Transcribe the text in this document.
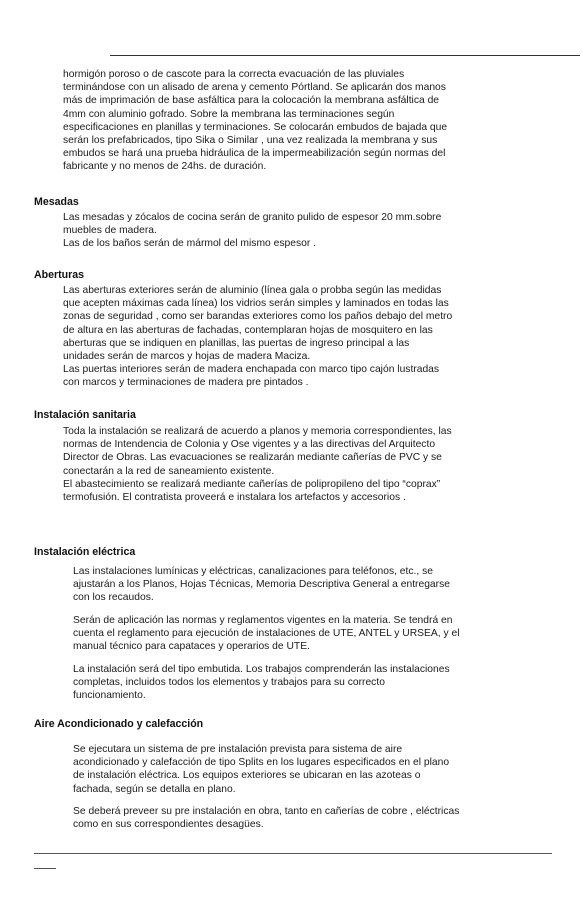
hormigón poroso o de cascote para la correcta evacuación de las pluviales
terminándose con un alisado de arena y cemento Pórtland. Se aplicarán dos manos
más de imprimación de base asfáltica para la colocación la membrana asfáltica de
4mm con aluminio gofrado. Sobre la membrana las terminaciones según
especificaciones en planillas y terminaciones. Se colocarán embudos de bajada que
serán los prefabricados, tipo Sika o Similar , una vez realizada la membrana y sus
embudos se hará una prueba hidráulica de la impermeabilización según normas del
fabricante y no menos de 24hs. de duración.
Mesadas
Las mesadas y zócalos de cocina serán de granito pulido de espesor 20 mm.sobre
muebles de madera.
Las de los baños serán de mármol del mismo espesor .
Aberturas
Las aberturas exteriores serán de aluminio (línea gala o probba según las medidas
que acepten máximas cada línea) los vidrios serán simples y laminados en todas las
zonas de seguridad , como ser barandas exteriores como los paños debajo del metro
de altura en las aberturas de fachadas, contemplaran hojas de mosquitero en las
aberturas que se indiquen en planillas, las puertas de ingreso principal a las
unidades serán de marcos y hojas de madera Maciza.
Las puertas interiores serán de madera enchapada con marco tipo cajón lustradas
con marcos y terminaciones de madera pre pintados .
Instalación sanitaria
Toda la instalación se realizará de acuerdo a planos y memoria correspondientes, las
normas de Intendencia de Colonia y Ose vigentes y a las directivas del Arquitecto
Director de Obras. Las evacuaciones se realizarán mediante cañerías de PVC y se
conectarán a la red de saneamiento existente.
El abastecimiento se realizará mediante cañerías de polipropileno del tipo “coprax”
termofusión. El contratista proveerá e instalara los artefactos y accesorios .
Instalación eléctrica
Las instalaciones lumínicas y eléctricas, canalizaciones para teléfonos, etc., se
ajustarán a los Planos, Hojas Técnicas, Memoria Descriptiva General a entregarse
con los recaudos.
Serán de aplicación las normas y reglamentos vigentes en la materia. Se tendrá en
cuenta el reglamento para ejecución de instalaciones de UTE, ANTEL y URSEA, y el
manual técnico para capataces y operarios de UTE.
La instalación será del tipo embutida. Los trabajos comprenderán las instalaciones
completas, incluidos todos los elementos y trabajos para su correcto
funcionamiento.
Aire Acondicionado y calefacción
Se ejecutara un sistema de pre instalación prevista para sistema de aire
acondicionado y calefacción de tipo Splits en los lugares especificados en el plano
de instalación eléctrica. Los equipos exteriores se ubicaran en las azoteas o
fachada, según se detalla en plano.
Se deberá preveer su pre instalación en obra, tanto en cañerías de cobre , eléctricas
como en sus correspondientes desagües.
